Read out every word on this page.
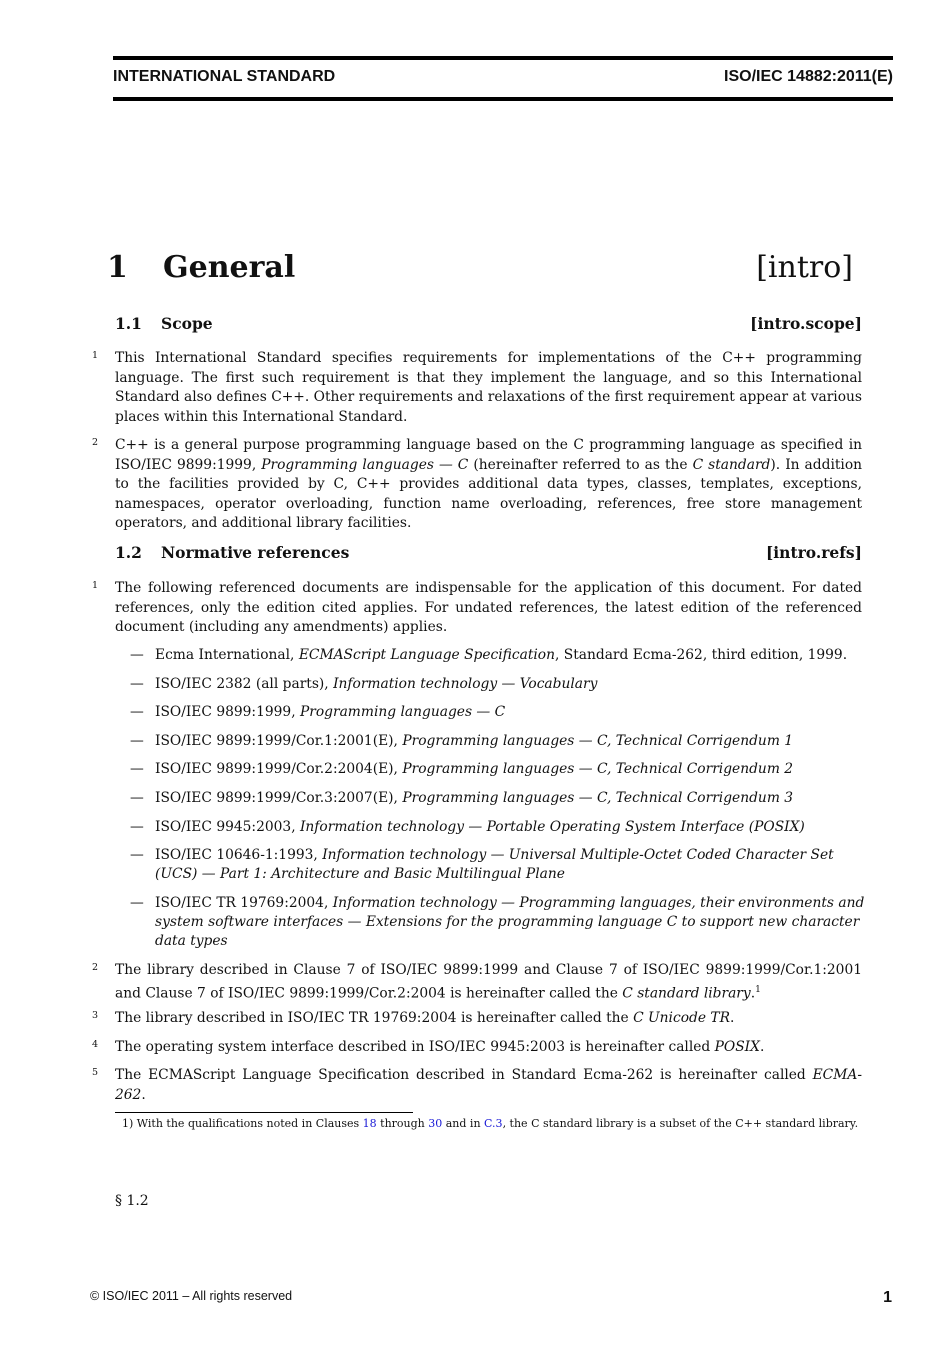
INTERNATIONAL STANDARD	ISO/IEC 14882:2011(E)
1 General	[intro]
1.1 Scope	[intro.scope]
1 This International Standard specifies requirements for implementations of the C++ programming language. The first such requirement is that they implement the language, and so this International Standard also defines C++. Other requirements and relaxations of the first requirement appear at various places within this International Standard.
2 C++ is a general purpose programming language based on the C programming language as specified in ISO/IEC 9899:1999, Programming languages — C (hereinafter referred to as the C standard). In addition to the facilities provided by C, C++ provides additional data types, classes, templates, exceptions, namespaces, operator overloading, function name overloading, references, free store management operators, and additional library facilities.
1.2 Normative references	[intro.refs]
1 The following referenced documents are indispensable for the application of this document. For dated references, only the edition cited applies. For undated references, the latest edition of the referenced document (including any amendments) applies.
— Ecma International, ECMAScript Language Specification, Standard Ecma-262, third edition, 1999.
— ISO/IEC 2382 (all parts), Information technology — Vocabulary
— ISO/IEC 9899:1999, Programming languages — C
— ISO/IEC 9899:1999/Cor.1:2001(E), Programming languages — C, Technical Corrigendum 1
— ISO/IEC 9899:1999/Cor.2:2004(E), Programming languages — C, Technical Corrigendum 2
— ISO/IEC 9899:1999/Cor.3:2007(E), Programming languages — C, Technical Corrigendum 3
— ISO/IEC 9945:2003, Information technology — Portable Operating System Interface (POSIX)
— ISO/IEC 10646-1:1993, Information technology — Universal Multiple-Octet Coded Character Set (UCS) — Part 1: Architecture and Basic Multilingual Plane
— ISO/IEC TR 19769:2004, Information technology — Programming languages, their environments and system software interfaces — Extensions for the programming language C to support new character data types
2 The library described in Clause 7 of ISO/IEC 9899:1999 and Clause 7 of ISO/IEC 9899:1999/Cor.1:2001 and Clause 7 of ISO/IEC 9899:1999/Cor.2:2004 is hereinafter called the C standard library.$^1$
3 The library described in ISO/IEC TR 19769:2004 is hereinafter called the C Unicode TR.
4 The operating system interface described in ISO/IEC 9945:2003 is hereinafter called POSIX.
5 The ECMAScript Language Specification described in Standard Ecma-262 is hereinafter called ECMA-262.
1) With the qualifications noted in Clauses 18 through 30 and in C.3, the C standard library is a subset of the C++ standard library.
§ 1.2
© ISO/IEC 2011 – All rights reserved	1
